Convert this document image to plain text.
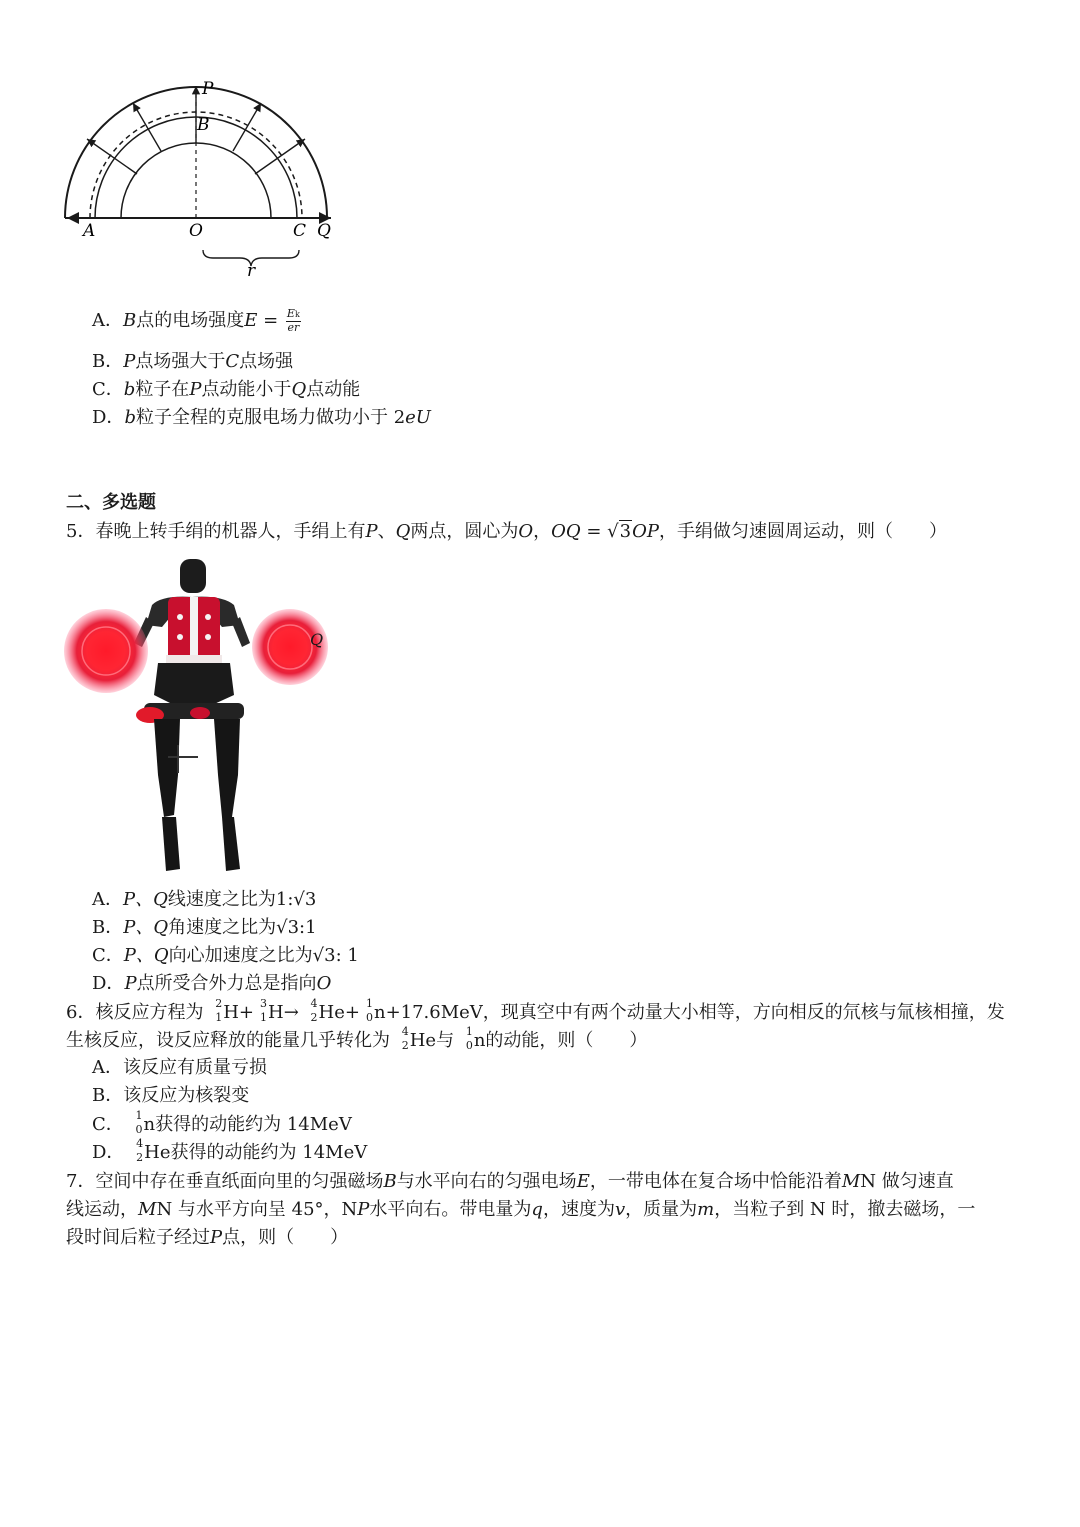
P
B
A	O	C Q
r
A．B点的电场强度$E = \frac{Ek}{er}$
B．P点场强大于C点场强
C．b粒子在P点动能小于Q点动能
D．b粒子全程的克服电场力做功小于 2eU
二、多选题
5．春晚上转手绢的机器人，手绢上有P、Q两点，圆心为O，OQ = √3OP，手绢做匀速圆周运动，则（　　）
Q
A．P、Q线速度之比为1:√3
B．P、Q角速度之比为√3:1
C．P、Q向心加速度之比为√3: 1
D．P点所受合外力总是指向O
6．核反应方程为 2
1 H+ 3
1 H→ 4
2 He+ 1
0 n+17.6MeV，现真空中有两个动量大小相等，方向相反的氘核与氚核相撞，发
生核反应，设反应释放的能量几乎转化为 4
2 He与 1
0 n的动能，则（　　）
A．该反应有质量亏损
B．该反应为核裂变
C． 1
0 n获得的动能约为 14MeV
D． 4
2 He获得的动能约为 14MeV
7．空间中存在垂直纸面向里的匀强磁场B与水平向右的匀强电场E，一带电体在复合场中恰能沿着MN 做匀速直
线运动，MN 与水平方向呈 45°，NP水平向右。带电量为q，速度为v，质量为m，当粒子到 N 时，撤去磁场，一
段时间后粒子经过P点，则（　　）
